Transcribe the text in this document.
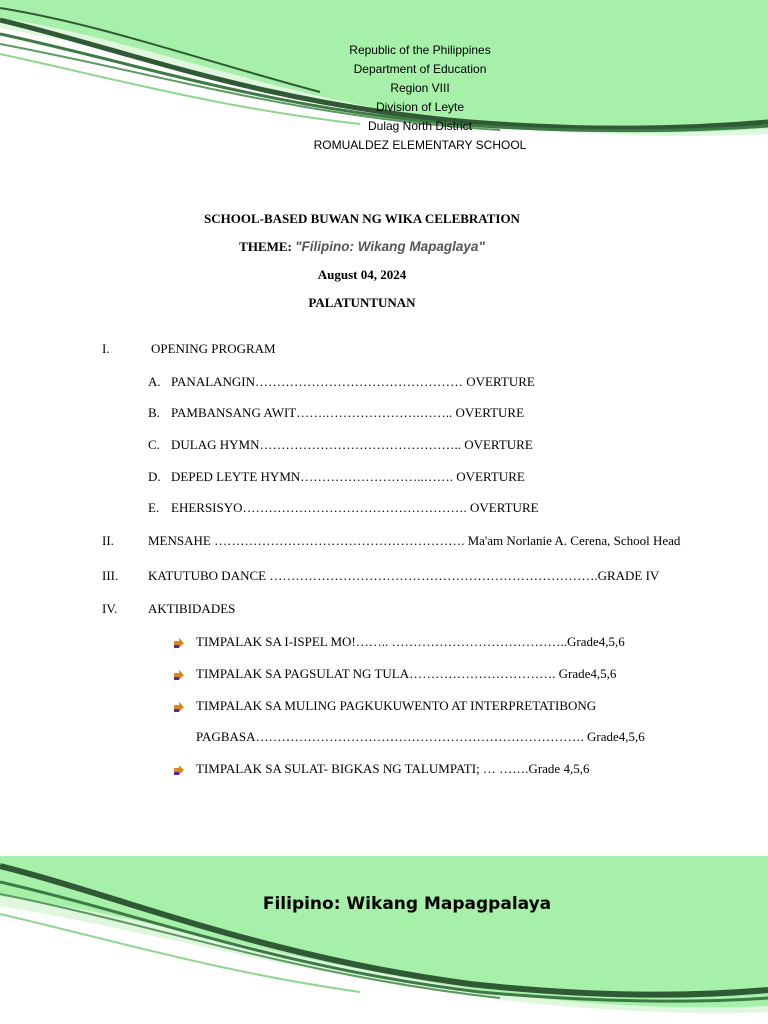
Republic of the Philippines
Department of Education
Region VIII
Division of Leyte
Dulag North District
ROMUALDEZ ELEMENTARY SCHOOL
SCHOOL-BASED BUWAN NG WIKA CELEBRATION
THEME: "Filipino: Wikang Mapaglaya"
August 04, 2024
PALATUNTUNAN
I.	OPENING PROGRAM
A. PANALANGIN………………………………………… OVERTURE
B. PAMBANSANG AWIT…….………………….…….. OVERTURE
C. DULAG HYMN……………………………………….. OVERTURE
D. DEPED LEYTE HYMN………………………..……. OVERTURE
E. EHERSISYO……………………………………………. OVERTURE
II.	MENSAHE …………………………………………………. Ma'am Norlanie A. Cerena, School Head
III. KATUTUBO DANCE ………………………………………………………………….GRADE IV
IV. AKTIBIDADES
TIMPALAK SA I-ISPEL MO!…….. …………………………………..Grade4,5,6
TIMPALAK SA PAGSULAT NG TULA……………………………. Grade4,5,6
TIMPALAK SA MULING PAGKUKUWENTO AT INTERPRETATIBONG
PAGBASA…………………………………………………………………. Grade4,5,6
TIMPALAK SA SULAT- BIGKAS NG TALUMPATI; … …….Grade 4,5,6
Filipino: Wikang Mapagpalaya
